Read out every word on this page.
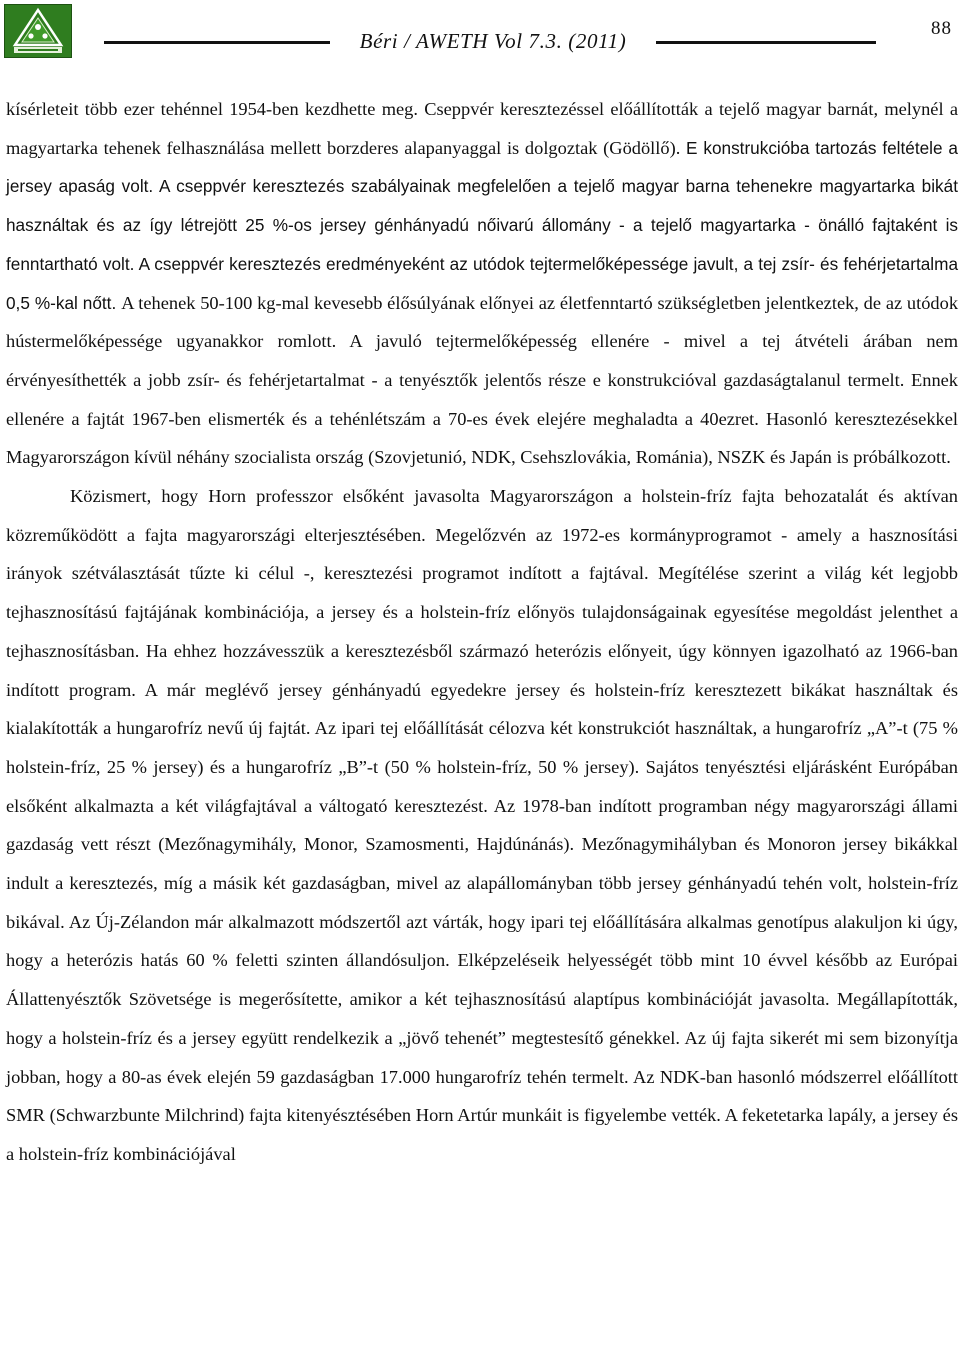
Béri / AWETH Vol 7.3. (2011)
88

kísérleteit több ezer tehénnel 1954-ben kezdhette meg. Cseppvér keresztezéssel előállították a tejelő magyar barnát, melynél a magyartarka tehenek felhasználása mellett borzderes alapanyaggal is dolgoztak (Gödöllő). E konstrukcióba tartozás feltétele a jersey apaság volt. A cseppvér keresztezés szabályainak megfelelően a tejelő magyar barna tehenekre magyartarka bikát használtak és az így létrejött 25 %-os jersey génhányadú nőivarú állomány - a tejelő magyartarka - önálló fajtaként is fenntartható volt. A cseppvér keresztezés eredményeként az utódok tejtermelőképessége javult, a tej zsír- és fehérjetartalma 0,5 %-kal nőtt. A tehenek 50-100 kg-mal kevesebb élősúlyának előnyei az életfenntartó szükségletben jelentkeztek, de az utódok hústermelőképessége ugyanakkor romlott. A javuló tejtermelőképesség ellenére - mivel a tej átvételi árában nem érvényesíthették a jobb zsír- és fehérjetartalmat - a tenyésztők jelentős része e konstrukcióval gazdaságtalanul termelt. Ennek ellenére a fajtát 1967-ben elismerték és a tehénlétszám a 70-es évek elejére meghaladta a 40ezret. Hasonló keresztezésekkel Magyarországon kívül néhány szocialista ország (Szovjetunió, NDK, Csehszlovákia, Románia), NSZK és Japán is próbálkozott.

Közismert, hogy Horn professzor elsőként javasolta Magyarországon a holstein-fríz fajta behozatalát és aktívan közreműködött a fajta magyarországi elterjesztésében. Megelőzvén az 1972-es kormányprogramot - amely a hasznosítási irányok szétválasztását tűzte ki célul -, keresztezési programot indított a fajtával. Megítélése szerint a világ két legjobb tejhasznosítású fajtájának kombinációja, a jersey és a holstein-fríz előnyös tulajdonságainak egyesítése megoldást jelenthet a tejhasznosításban. Ha ehhez hozzávesszük a keresztezésből származó heterózis előnyeit, úgy könnyen igazolható az 1966-ban indított program. A már meglévő jersey génhányadú egyedekre jersey és holstein-fríz keresztezett bikákat használtak és kialakították a hungarofríz nevű új fajtát. Az ipari tej előállítását célozva két konstrukciót használtak, a hungarofríz „A”-t (75 % holstein-fríz, 25 % jersey) és a hungarofríz „B”-t (50 % holstein-fríz, 50 % jersey). Sajátos tenyésztési eljárásként Európában elsőként alkalmazta a két világfajtával a váltogató keresztezést. Az 1978-ban indított programban négy magyarországi állami gazdaság vett részt (Mezőnagymihály, Monor, Szamosmenti, Hajdúnánás). Mezőnagymihályban és Monoron jersey bikákkal indult a keresztezés, míg a másik két gazdaságban, mivel az alapállományban több jersey génhányadú tehén volt, holstein-fríz bikával. Az Új-Zélandon már alkalmazott módszertől azt várták, hogy ipari tej előállítására alkalmas genotípus alakuljon ki úgy, hogy a heterózis hatás 60 % feletti szinten állandósuljon. Elképzeléseik helyességét több mint 10 évvel később az Európai Állattenyésztők Szövetsége is megerősítette, amikor a két tejhasznosítású alaptípus kombinációját javasolta. Megállapították, hogy a holstein-fríz és a jersey együtt rendelkezik a „jövő tehenét” megtestesítő génekkel. Az új fajta sikerét mi sem bizonyítja jobban, hogy a 80-as évek elején 59 gazdaságban 17.000 hungarofríz tehén termelt. Az NDK-ban hasonló módszerrel előállított SMR (Schwarzbunte Milchrind) fajta kitenyésztésében Horn Artúr munkáit is figyelembe vették. A feketetarka lapály, a jersey és a holstein-fríz kombinációjával
